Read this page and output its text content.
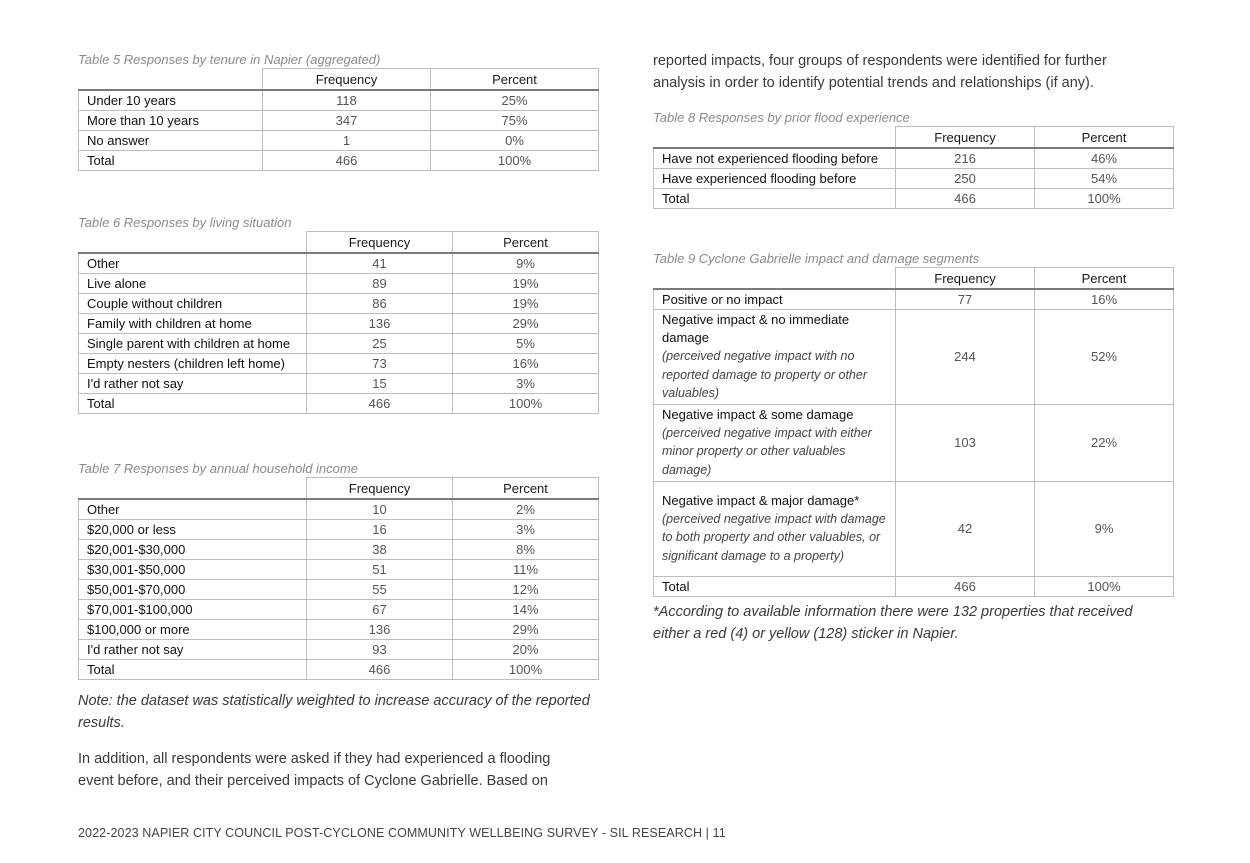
Table 5 Responses by tenure in Napier (aggregated)
	Frequency	Percent
Under 10 years	118	25%
More than 10 years	347	75%
No answer	1	0%
Total	466	100%
Table 6 Responses by living situation
	Frequency	Percent
Other	41	9%
Live alone	89	19%
Couple without children	86	19%
Family with children at home	136	29%
Single parent with children at home	25	5%
Empty nesters (children left home)	73	16%
I'd rather not say	15	3%
Total	466	100%
Table 7 Responses by annual household income
	Frequency	Percent
Other	10	2%
$20,000 or less	16	3%
$20,001-$30,000	38	8%
$30,001-$50,000	51	11%
$50,001-$70,000	55	12%
$70,001-$100,000	67	14%
$100,000 or more	136	29%
I'd rather not say	93	20%
Total	466	100%
Note: the dataset was statistically weighted to increase accuracy of the reported results.
In addition, all respondents were asked if they had experienced a flooding event before, and their perceived impacts of Cyclone Gabrielle. Based on
reported impacts, four groups of respondents were identified for further analysis in order to identify potential trends and relationships (if any).
Table 8 Responses by prior flood experience
	Frequency	Percent
Have not experienced flooding before	216	46%
Have experienced flooding before	250	54%
Total	466	100%
Table 9 Cyclone Gabrielle impact and damage segments
	Frequency	Percent
Positive or no impact	77	16%

Negative impact & no immediate damage
(perceived negative impact with no reported damage to property or other valuables)	244	52%

Negative impact & some damage
(perceived negative impact with either minor property or other valuables damage)	103	22%

Negative impact & major damage*
(perceived negative impact with damage to both property and other valuables, or significant damage to a property)	42	9%
Total	466	100%
*According to available information there were 132 properties that received either a red (4) or yellow (128) sticker in Napier.
2022-2023 NAPIER CITY COUNCIL POST-CYCLONE COMMUNITY WELLBEING SURVEY - SIL RESEARCH | 11
